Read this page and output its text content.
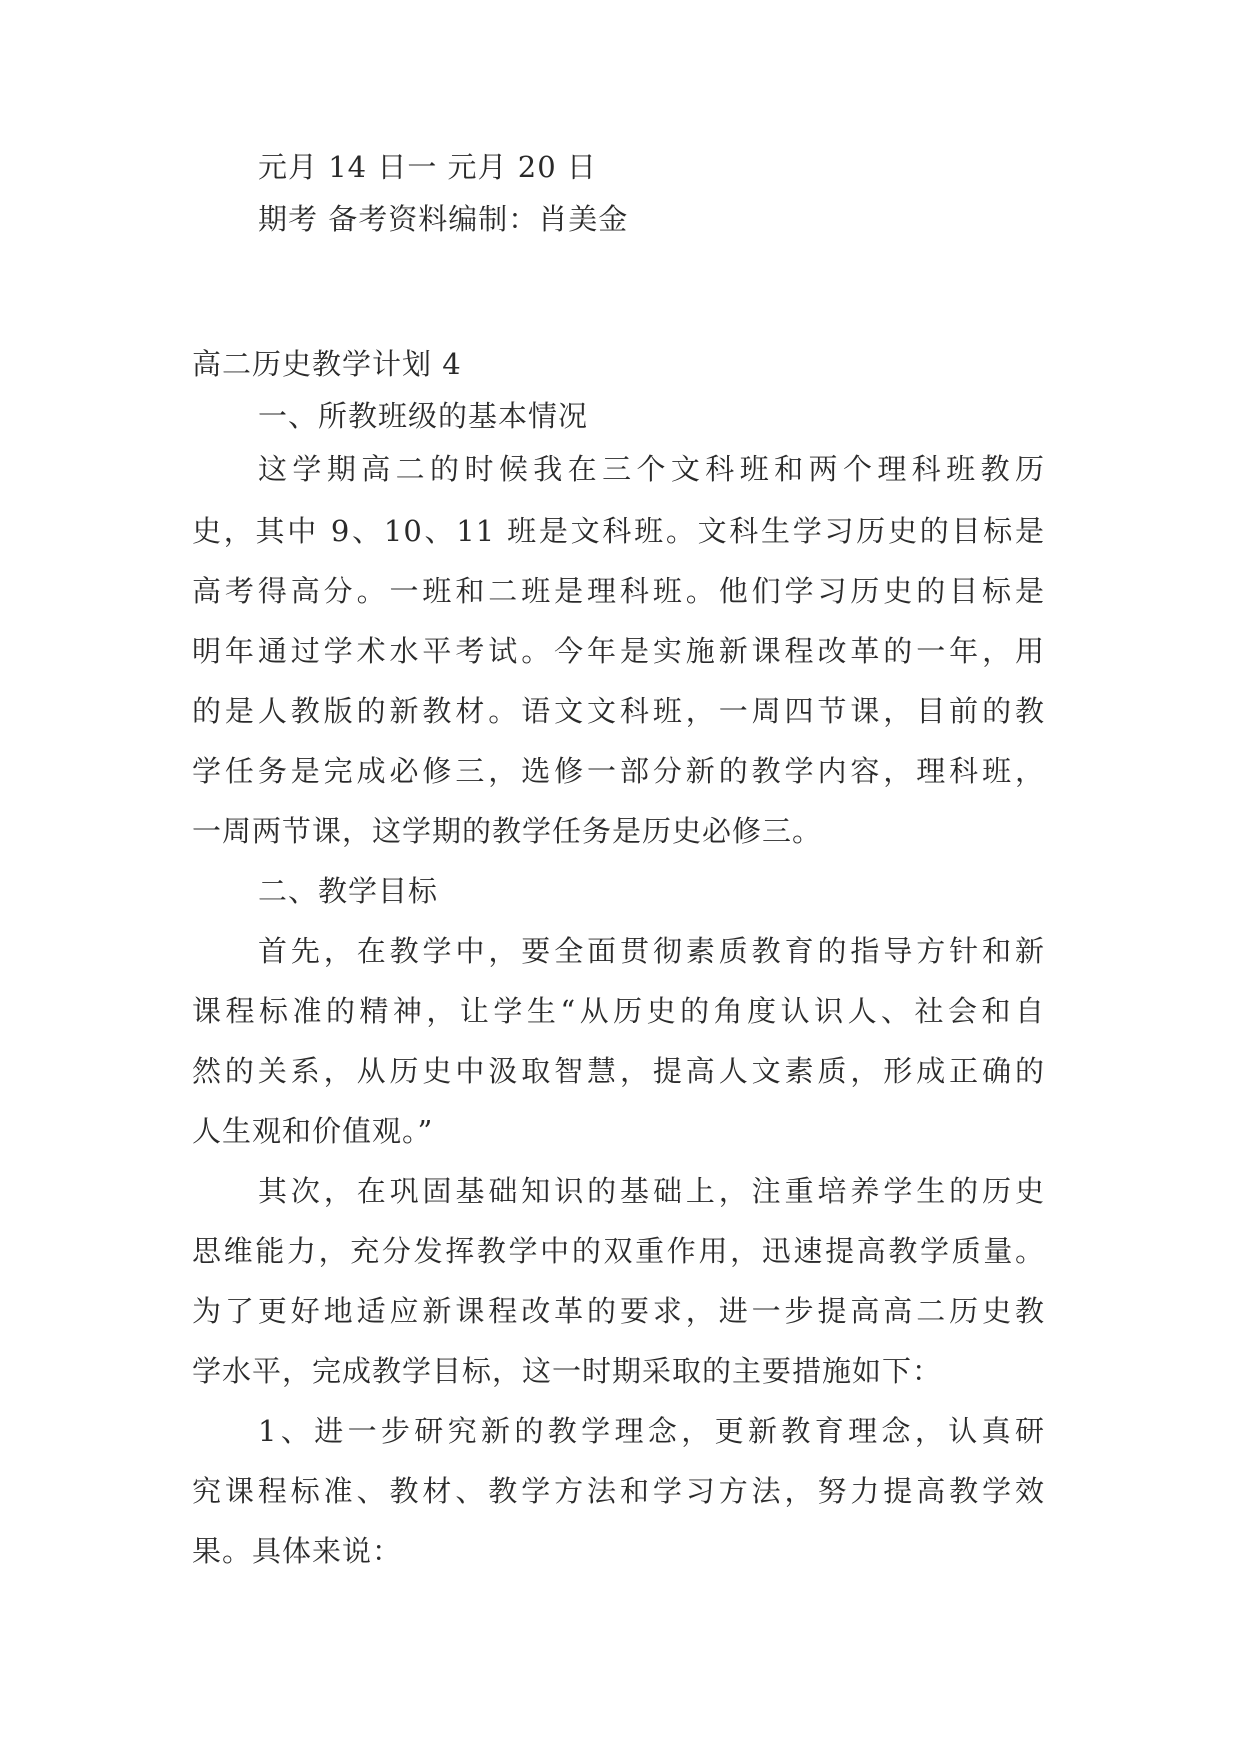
元月 14 日一 元月 20 日

期考 备考资料编制：肖美金

高二历史教学计划 4

一、所教班级的基本情况

这学期高二的时候我在三个文科班和两个理科班教历

史，其中 9、10、11 班是文科班。文科生学习历史的目标是

高考得高分。一班和二班是理科班。他们学习历史的目标是

明年通过学术水平考试。今年是实施新课程改革的一年，用

的是人教版的新教材。语文文科班，一周四节课，目前的教

学任务是完成必修三，选修一部分新的教学内容，理科班，

一周两节课，这学期的教学任务是历史必修三。

二、教学目标

首先，在教学中，要全面贯彻素质教育的指导方针和新

课程标准的精神，让学生“从历史的角度认识人、社会和自

然的关系，从历史中汲取智慧，提高人文素质，形成正确的

人生观和价值观。”

其次，在巩固基础知识的基础上，注重培养学生的历史

思维能力，充分发挥教学中的双重作用，迅速提高教学质量。

为了更好地适应新课程改革的要求，进一步提高高二历史教

学水平，完成教学目标，这一时期采取的主要措施如下：

1、进一步研究新的教学理念，更新教育理念，认真研

究课程标准、教材、教学方法和学习方法，努力提高教学效

果。具体来说：
